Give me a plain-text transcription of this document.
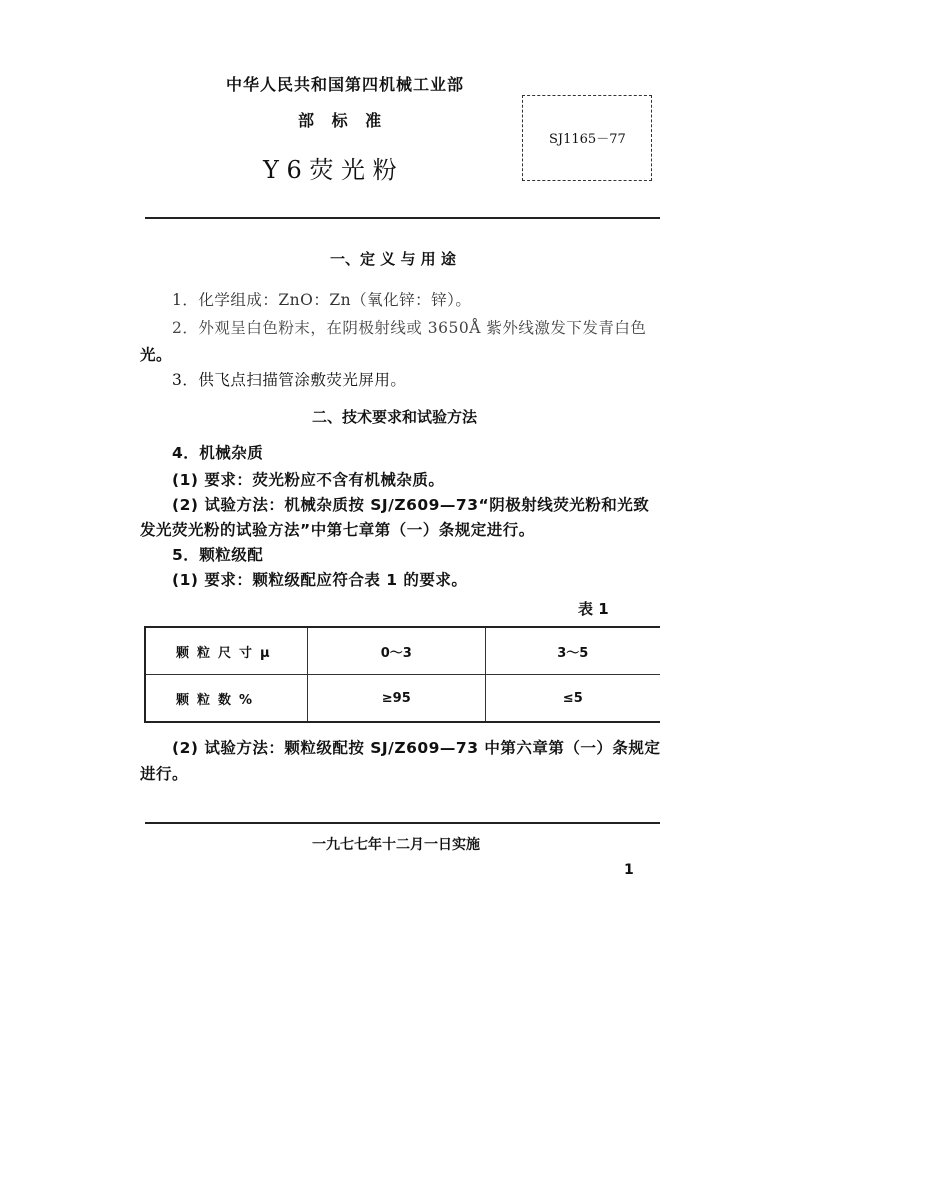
中华人民共和国第四机械工业部
部 标 准
Y 6 荧 光 粉
SJ1165－77
一、定 义 与 用 途
1．化学组成：ZnO：Zn（氧化锌：锌）。
2．外观呈白色粉末，在阴极射线或 3650Å 紫外线激发下发青白色
光。
3．供飞点扫描管涂敷荧光屏用。
二、技术要求和试验方法
4．机械杂质
(1) 要求：荧光粉应不含有机械杂质。
(2) 试验方法：机械杂质按 SJ/Z609—73“阴极射线荧光粉和光致
发光荧光粉的试验方法”中第七章第（一）条规定进行。
5．颗粒级配
(1) 要求：颗粒级配应符合表 1 的要求。
表 1
颗粒尺寸μ	0～3	3～5
颗粒数%	≥95	≤5
(2) 试验方法：颗粒级配按 SJ/Z609—73 中第六章第（一）条规定
进行。
一九七七年十二月一日实施
1
